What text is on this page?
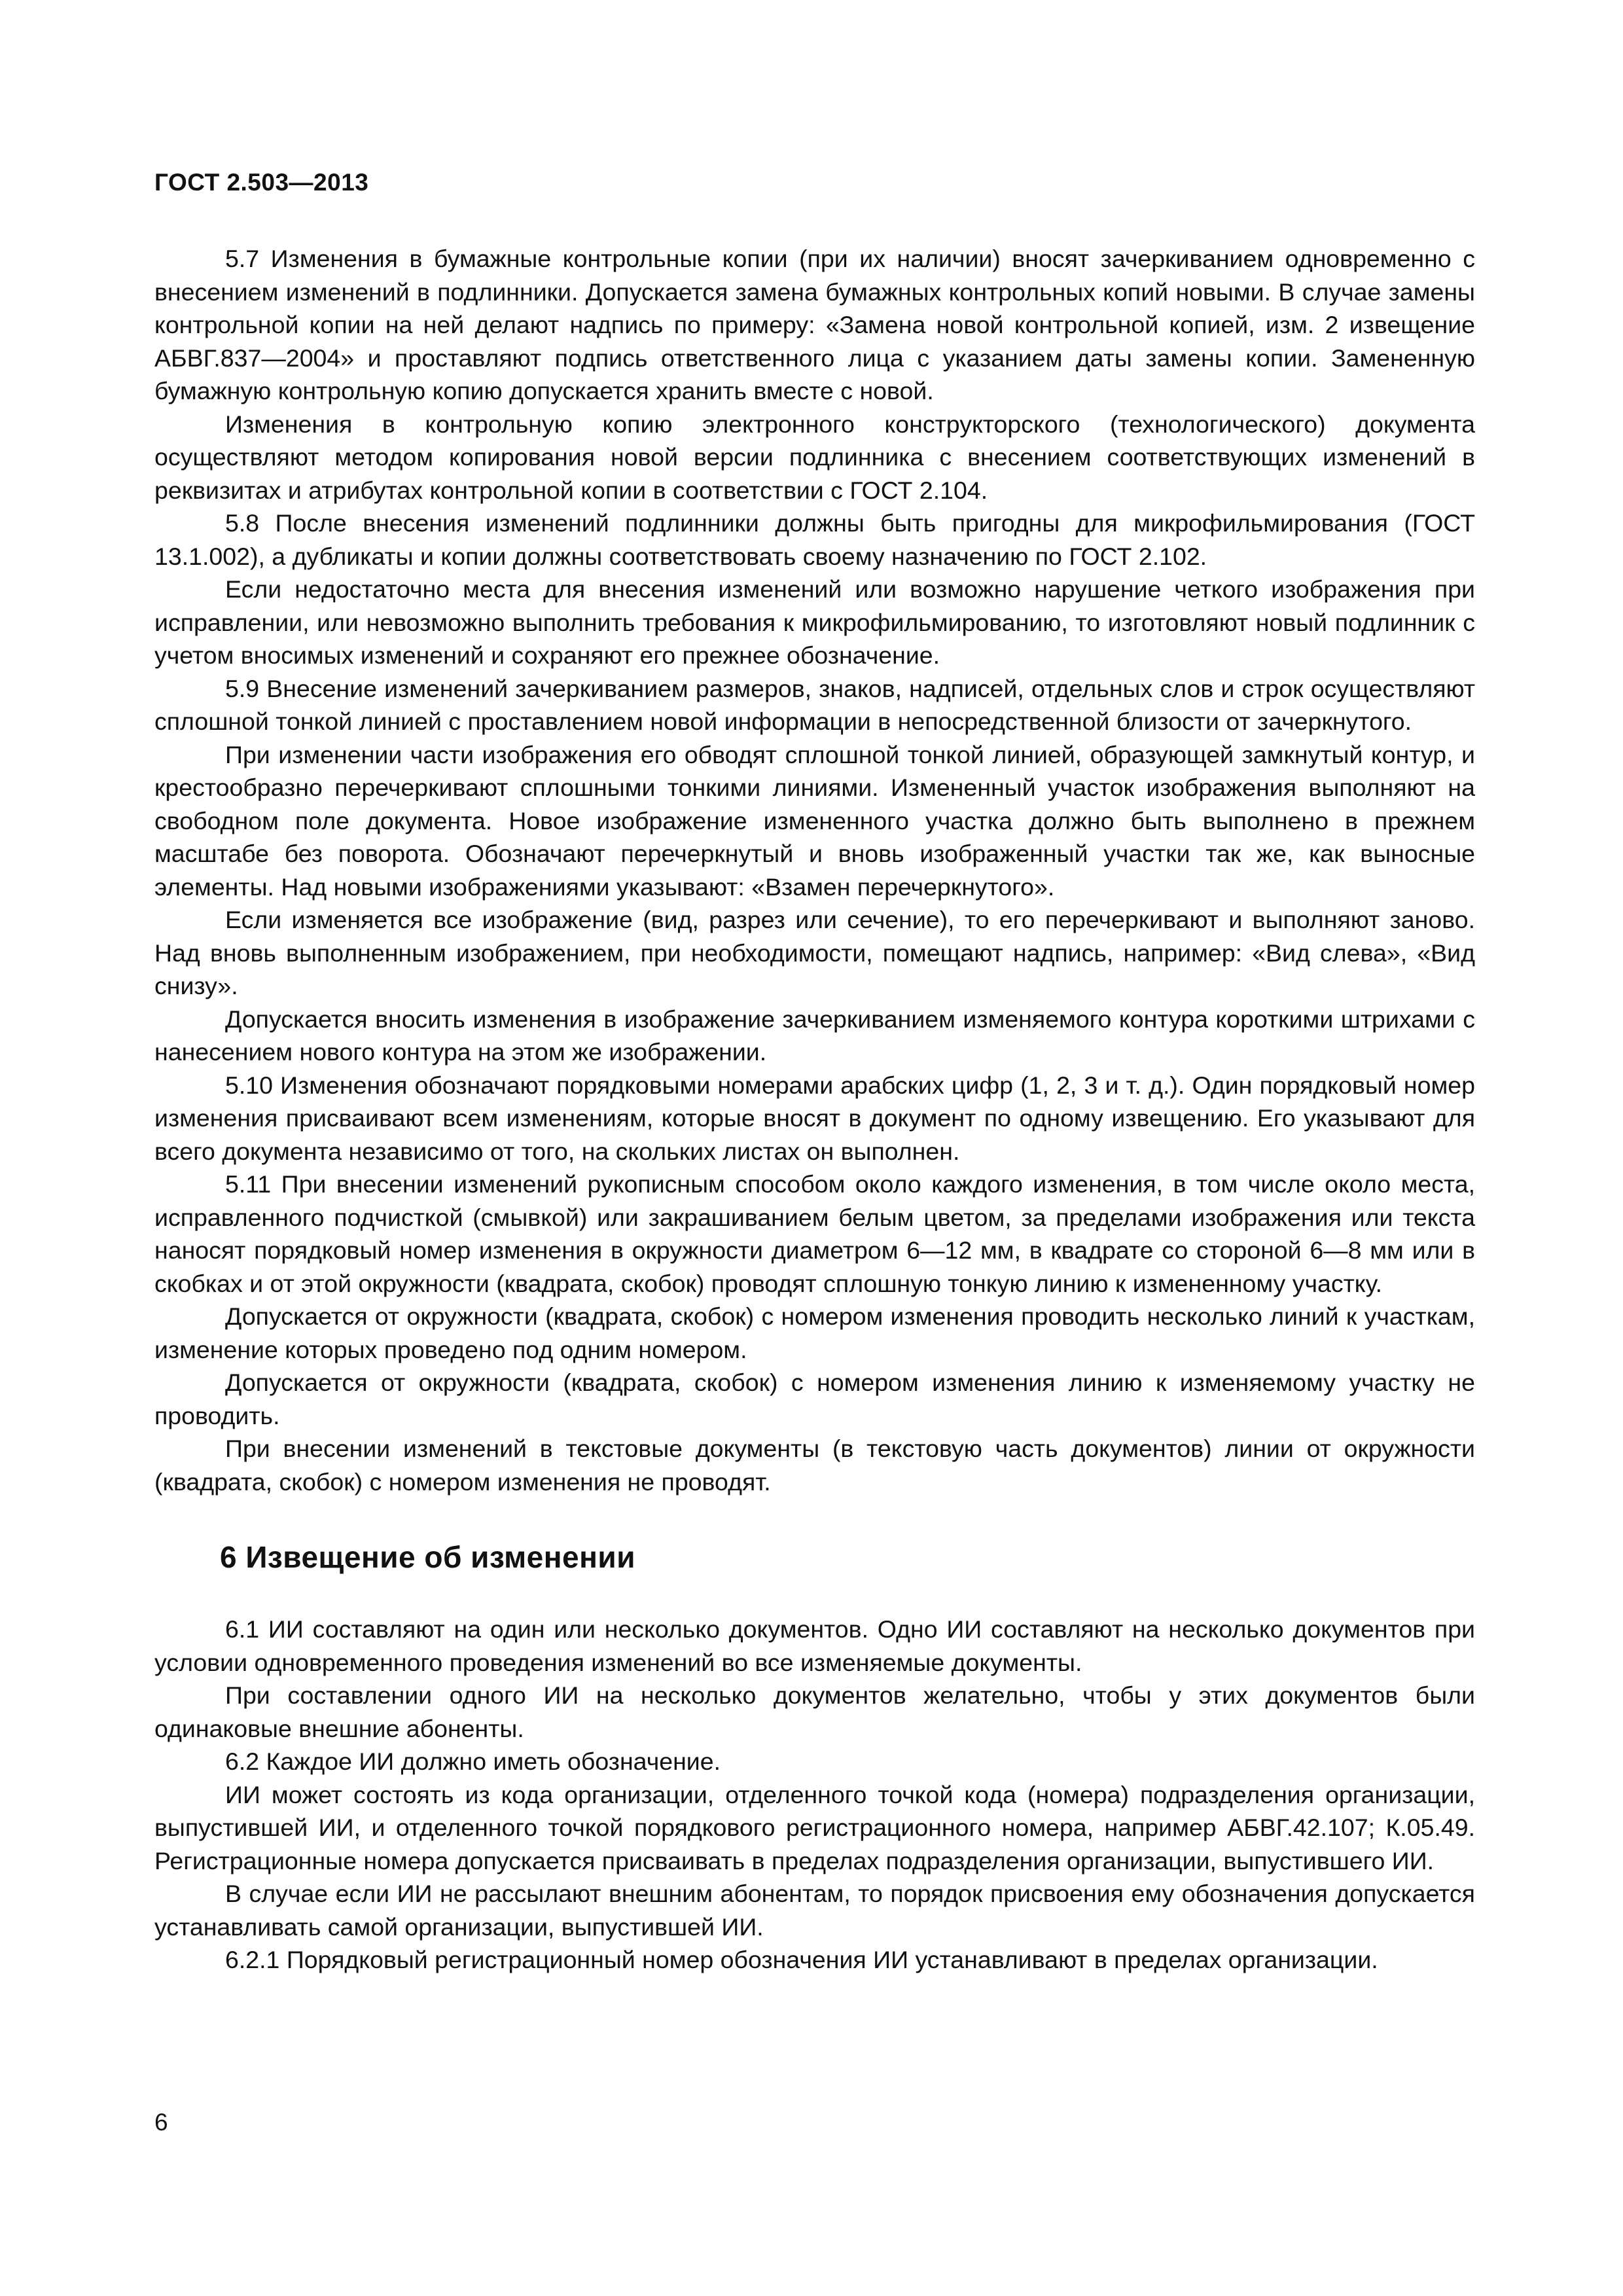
ГОСТ 2.503—2013

5.7 Изменения в бумажные контрольные копии (при их наличии) вносят зачеркиванием одновременно с внесением изменений в подлинники. Допускается замена бумажных контрольных копий новыми. В случае замены контрольной копии на ней делают надпись по примеру: «Замена новой контрольной копией, изм. 2 извещение АБВГ.837—2004» и проставляют подпись ответственного лица с указанием даты замены копии. Замененную бумажную контрольную копию допускается хранить вместе с новой.

Изменения в контрольную копию электронного конструкторского (технологического) документа осуществляют методом копирования новой версии подлинника с внесением соответствующих изменений в реквизитах и атрибутах контрольной копии в соответствии с ГОСТ 2.104.

5.8 После внесения изменений подлинники должны быть пригодны для микрофильмирования (ГОСТ 13.1.002), а дубликаты и копии должны соответствовать своему назначению по ГОСТ 2.102.

Если недостаточно места для внесения изменений или возможно нарушение четкого изображения при исправлении, или невозможно выполнить требования к микрофильмированию, то изготовляют новый подлинник с учетом вносимых изменений и сохраняют его прежнее обозначение.

5.9 Внесение изменений зачеркиванием размеров, знаков, надписей, отдельных слов и строк осуществляют сплошной тонкой линией с проставлением новой информации в непосредственной близости от зачеркнутого.

При изменении части изображения его обводят сплошной тонкой линией, образующей замкнутый контур, и крестообразно перечеркивают сплошными тонкими линиями. Измененный участок изображения выполняют на свободном поле документа. Новое изображение измененного участка должно быть выполнено в прежнем масштабе без поворота. Обозначают перечеркнутый и вновь изображенный участки так же, как выносные элементы. Над новыми изображениями указывают: «Взамен перечеркнутого».

Если изменяется все изображение (вид, разрез или сечение), то его перечеркивают и выполняют заново. Над вновь выполненным изображением, при необходимости, помещают надпись, например: «Вид слева», «Вид снизу».

Допускается вносить изменения в изображение зачеркиванием изменяемого контура короткими штрихами с нанесением нового контура на этом же изображении.

5.10 Изменения обозначают порядковыми номерами арабских цифр (1, 2, 3 и т. д.). Один порядковый номер изменения присваивают всем изменениям, которые вносят в документ по одному извещению. Его указывают для всего документа независимо от того, на скольких листах он выполнен.

5.11 При внесении изменений рукописным способом около каждого изменения, в том числе около места, исправленного подчисткой (смывкой) или закрашиванием белым цветом, за пределами изображения или текста наносят порядковый номер изменения в окружности диаметром 6—12 мм, в квадрате со стороной 6—8 мм или в скобках и от этой окружности (квадрата, скобок) проводят сплошную тонкую линию к измененному участку.

Допускается от окружности (квадрата, скобок) с номером изменения проводить несколько линий к участкам, изменение которых проведено под одним номером.

Допускается от окружности (квадрата, скобок) с номером изменения линию к изменяемому участку не проводить.

При внесении изменений в текстовые документы (в текстовую часть документов) линии от окружности (квадрата, скобок) с номером изменения не проводят.

6 Извещение об изменении

6.1 ИИ составляют на один или несколько документов. Одно ИИ составляют на несколько документов при условии одновременного проведения изменений во все изменяемые документы.

При составлении одного ИИ на несколько документов желательно, чтобы у этих документов были одинаковые внешние абоненты.

6.2 Каждое ИИ должно иметь обозначение.

ИИ может состоять из кода организации, отделенного точкой кода (номера) подразделения организации, выпустившей ИИ, и отделенного точкой порядкового регистрационного номера, например АБВГ.42.107; К.05.49. Регистрационные номера допускается присваивать в пределах подразделения организации, выпустившего ИИ.

В случае если ИИ не рассылают внешним абонентам, то порядок присвоения ему обозначения допускается устанавливать самой организации, выпустившей ИИ.

6.2.1 Порядковый регистрационный номер обозначения ИИ устанавливают в пределах организации.

6
